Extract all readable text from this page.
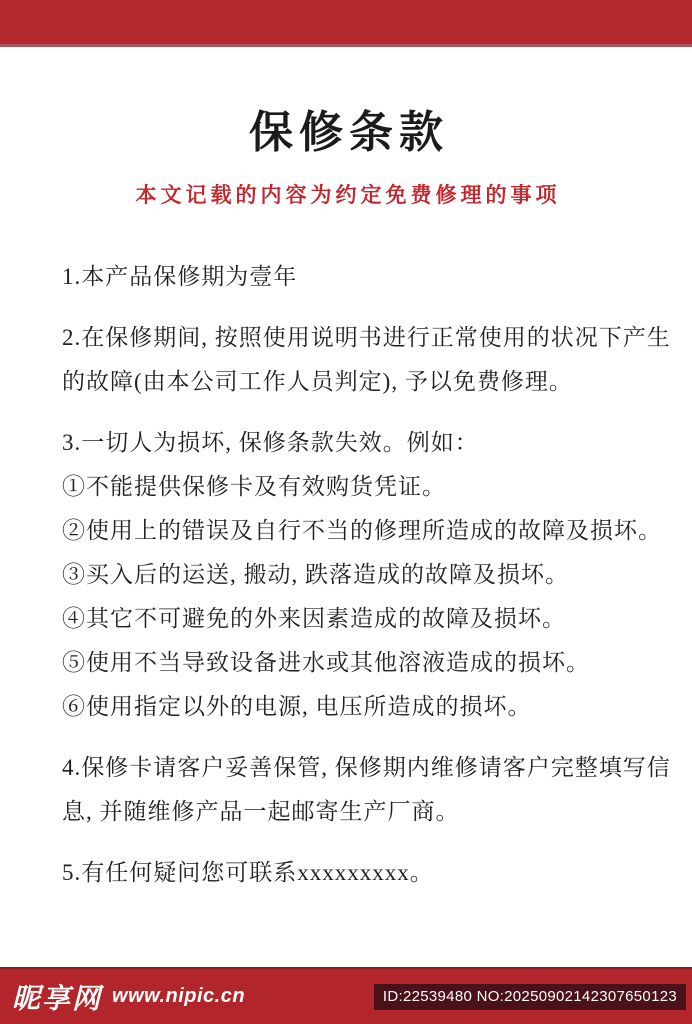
保修条款
本文记载的内容为约定免费修理的事项
1.本产品保修期为壹年
2.在保修期间, 按照使用说明书进行正常使用的状况下产生
的故障(由本公司工作人员判定), 予以免费修理。
3.一切人为损坏, 保修条款失效。例如：
①不能提供保修卡及有效购货凭证。
②使用上的错误及自行不当的修理所造成的故障及损坏。
③买入后的运送, 搬动, 跌落造成的故障及损坏。
④其它不可避免的外来因素造成的故障及损坏。
⑤使用不当导致设备进水或其他溶液造成的损坏。
⑥使用指定以外的电源, 电压所造成的损坏。
4.保修卡请客户妥善保管, 保修期内维修请客户完整填写信
息, 并随维修产品一起邮寄生产厂商。
5.有任何疑问您可联系xxxxxxxxx。
昵享网 www.nipic.cn	ID:22539480 NO:20250902142307650123
